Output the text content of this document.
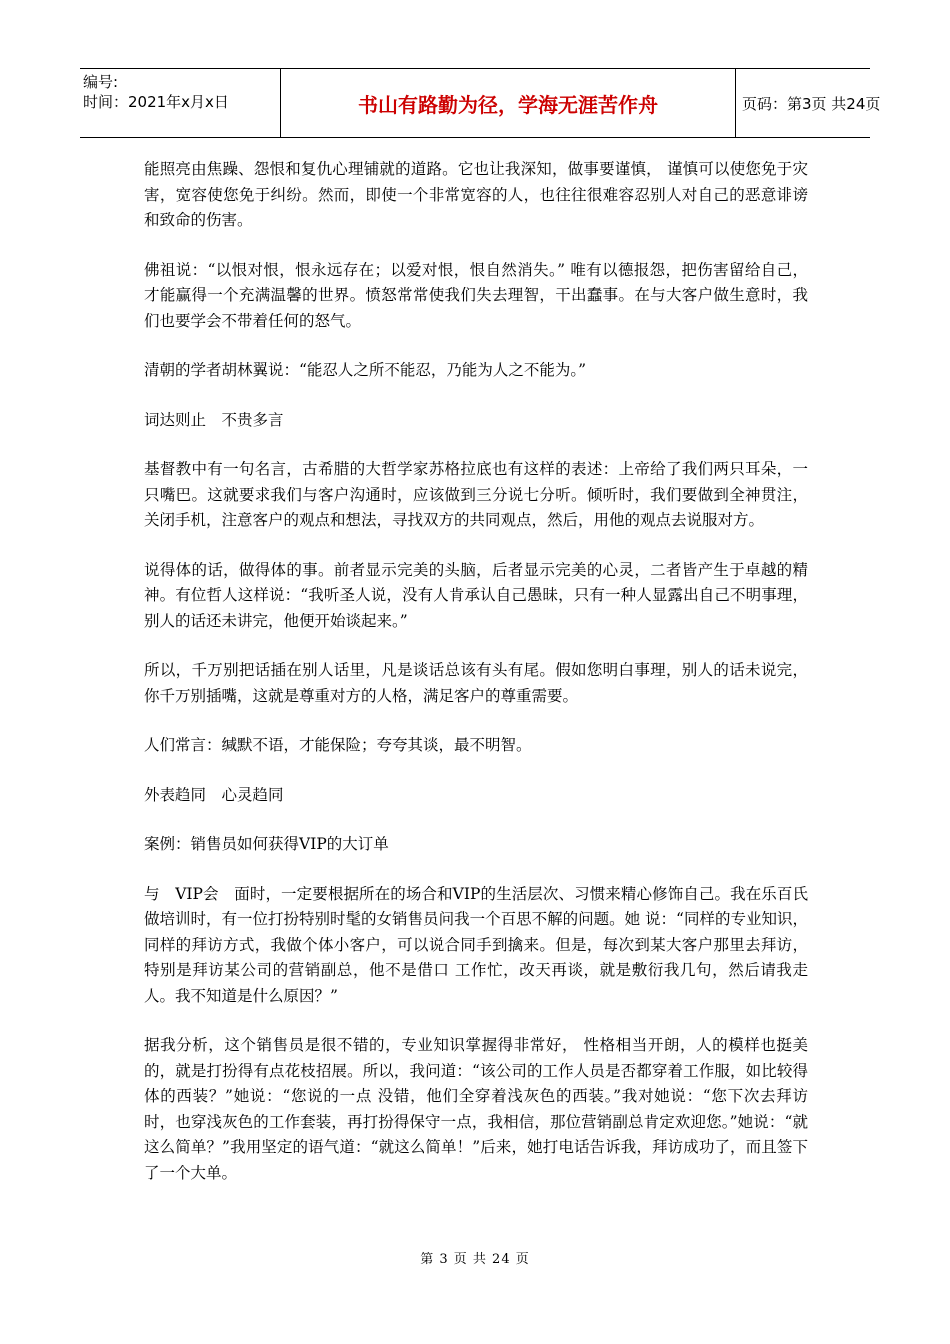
编号:
时间：2021年x月x日	书山有路勤为径，学海无涯苦作舟	页码：第3页 共24页

能照亮由焦躁、怨恨和复仇心理铺就的道路。它也让我深知，做事要谨慎， 谨慎可以使您免于灾害，宽容使您免于纠纷。然而，即使一个非常宽容的人，也往往很难容忍别人对自己的恶意诽谤和致命的伤害。

佛祖说：“以恨对恨，恨永远存在；以爱对恨，恨自然消失。” 唯有以德报怨，把伤害留给自己，才能赢得一个充满温馨的世界。愤怒常常使我们失去理智，干出蠢事。在与大客户做生意时，我们也要学会不带着任何的怒气。

清朝的学者胡林翼说：“能忍人之所不能忍，乃能为人之不能为。”

词达则止　不贵多言

基督教中有一句名言，古希腊的大哲学家苏格拉底也有这样的表述：上帝给了我们两只耳朵，一只嘴巴。这就要求我们与客户沟通时，应该做到三分说七分听。倾听时，我们要做到全神贯注，关闭手机，注意客户的观点和想法，寻找双方的共同观点，然后，用他的观点去说服对方。

说得体的话，做得体的事。前者显示完美的头脑，后者显示完美的心灵，二者皆产生于卓越的精神。有位哲人这样说：“我听圣人说，没有人肯承认自己愚昧，只有一种人显露出自己不明事理，别人的话还未讲完，他便开始谈起来。”

所以，千万别把话插在别人话里，凡是谈话总该有头有尾。假如您明白事理，别人的话未说完，你千万别插嘴，这就是尊重对方的人格，满足客户的尊重需要。

人们常言：缄默不语，才能保险；夸夸其谈，最不明智。

外表趋同　心灵趋同

案例：销售员如何获得VIP的大订单

与　VIP会　面时，一定要根据所在的场合和VIP的生活层次、习惯来精心修饰自己。我在乐百氏做培训时，有一位打扮特别时髦的女销售员问我一个百思不解的问题。她 说：“同样的专业知识，同样的拜访方式，我做个体小客户，可以说合同手到擒来。但是，每次到某大客户那里去拜访，特别是拜访某公司的营销副总，他不是借口 工作忙，改天再谈，就是敷衍我几句，然后请我走人。我不知道是什么原因？”

据我分析，这个销售员是很不错的，专业知识掌握得非常好， 性格相当开朗，人的模样也挺美的，就是打扮得有点花枝招展。所以，我问道：“该公司的工作人员是否都穿着工作服，如比较得体的西装？”她说：“您说的一点 没错，他们全穿着浅灰色的西装。”我对她说：“您下次去拜访时，也穿浅灰色的工作套装，再打扮得保守一点，我相信，那位营销副总肯定欢迎您。”她说：“就 这么简单？”我用坚定的语气道：“就这么简单！”后来，她打电话告诉我，拜访成功了，而且签下了一个大单。

第 3 页 共 24 页
